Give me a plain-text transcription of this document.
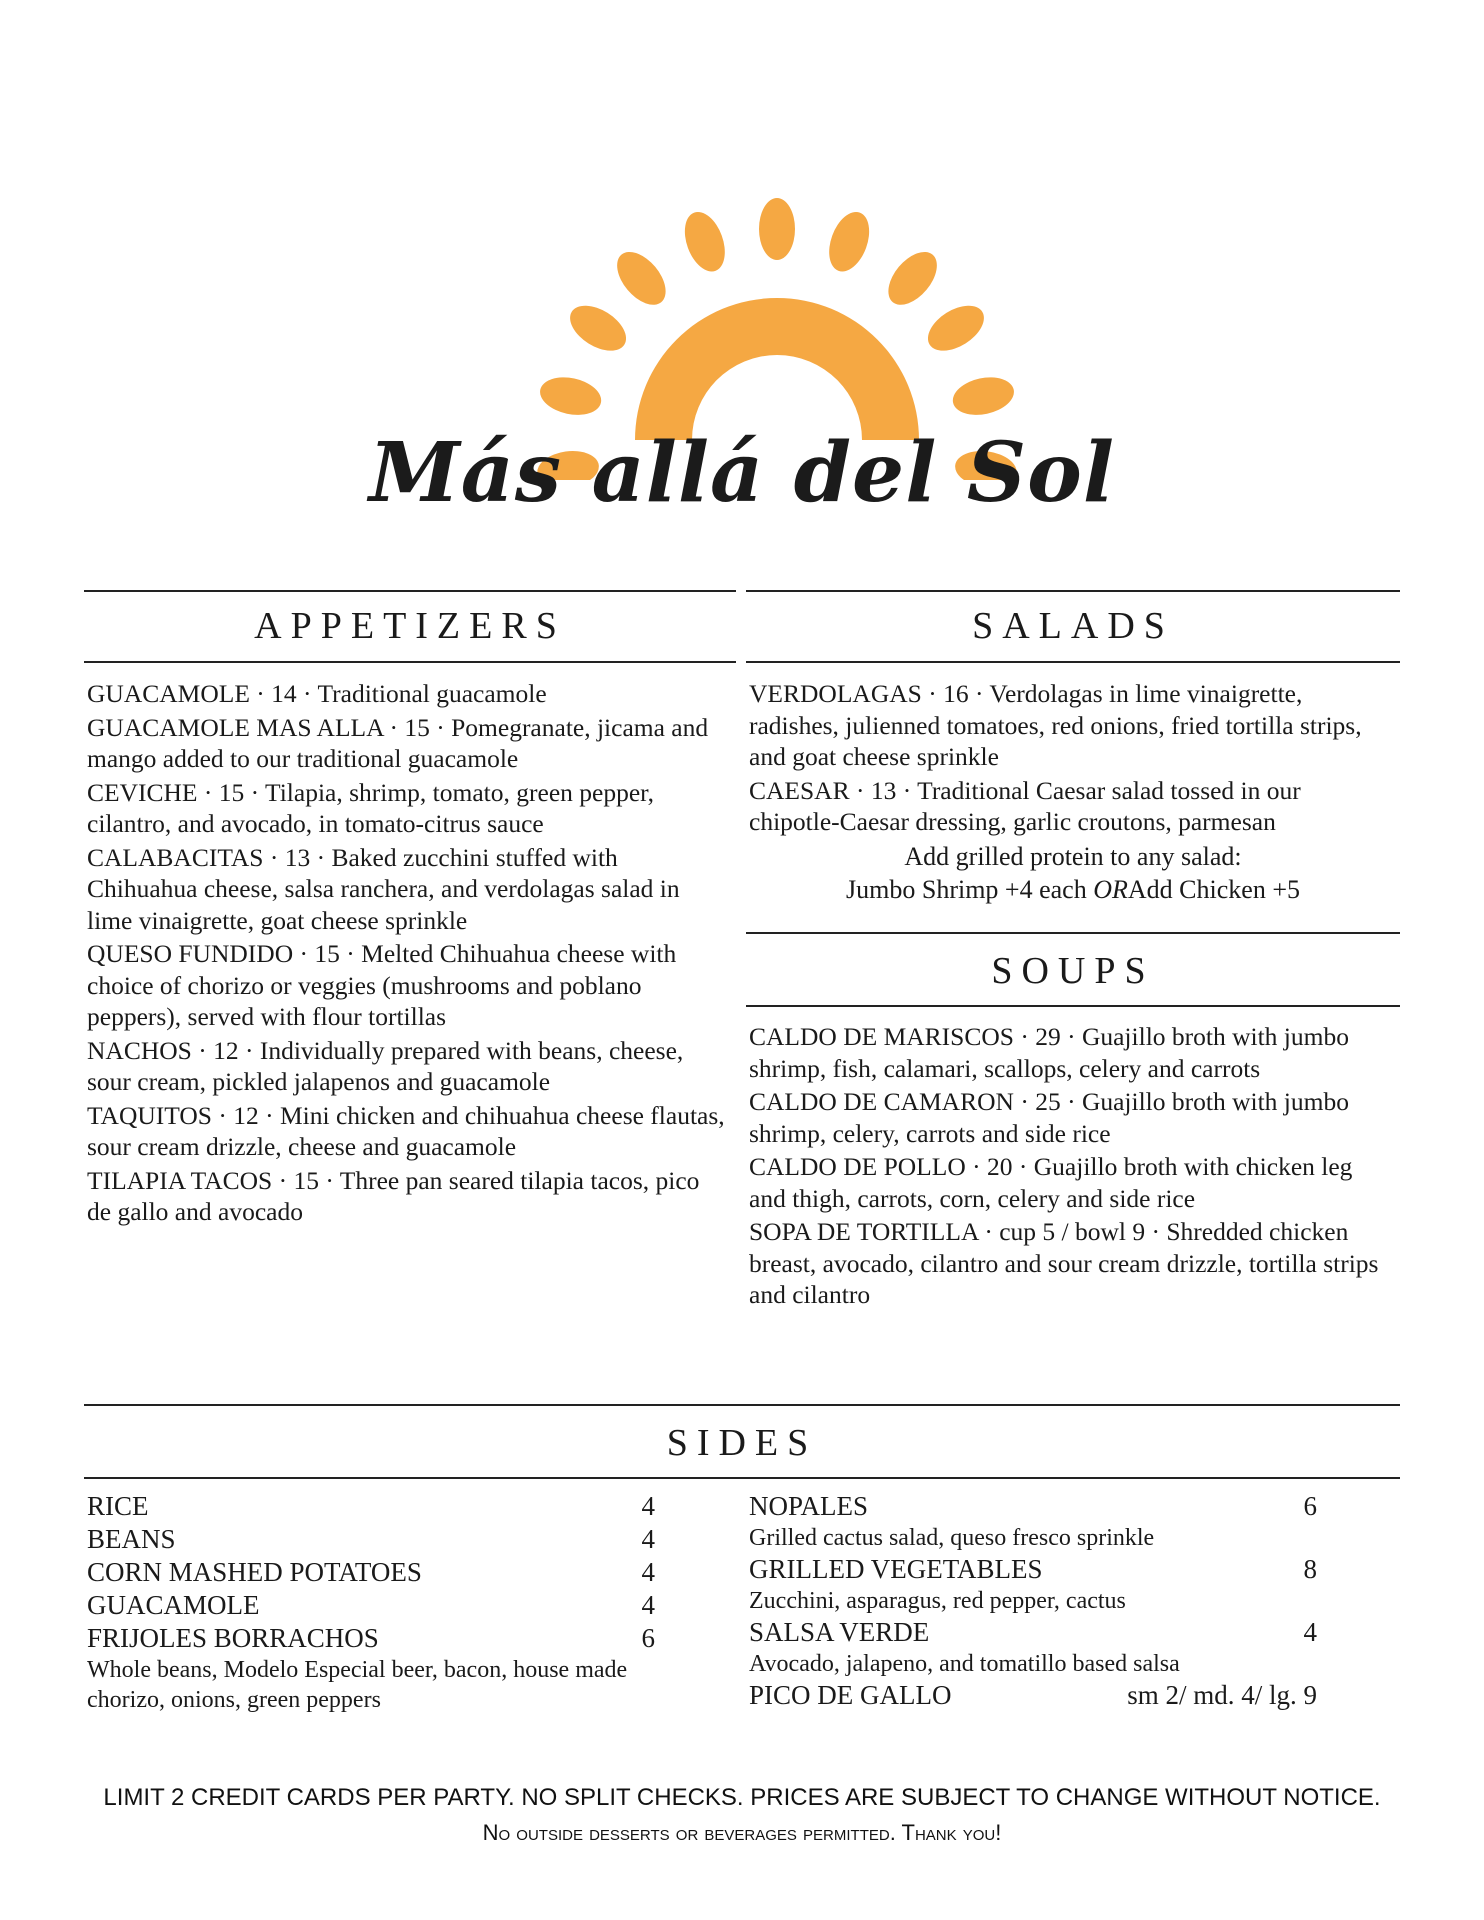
Más allá del Sol
APPETIZERS	SALADS
SOUPS
SIDES
GUACAMOLE · 14 · Traditional guacamole
GUACAMOLE MAS ALLA · 15 · Pomegranate, jicama and mango added to our traditional guacamole
CEVICHE · 15 · Tilapia, shrimp, tomato, green pepper, cilantro, and avocado, in tomato-citrus sauce
CALABACITAS · 13 · Baked zucchini stuffed with Chihuahua cheese, salsa ranchera, and verdolagas salad in lime vinaigrette, goat cheese sprinkle
QUESO FUNDIDO · 15 · Melted Chihuahua cheese with choice of chorizo or veggies (mushrooms and poblano peppers), served with flour tortillas
NACHOS · 12 · Individually prepared with beans, cheese, sour cream, pickled jalapenos and guacamole
TAQUITOS · 12 · Mini chicken and chihuahua cheese flautas, sour cream drizzle, cheese and guacamole
TILAPIA TACOS · 15 · Three pan seared tilapia tacos, pico de gallo and avocado
VERDOLAGAS · 16 · Verdolagas in lime vinaigrette, radishes, julienned tomatoes, red onions, fried tortilla strips, and goat cheese sprinkle
CAESAR · 13 · Traditional Caesar salad tossed in our chipotle-Caesar dressing, garlic croutons, parmesan
Add grilled protein to any salad:
Jumbo Shrimp +4 each ORAdd Chicken +5
CALDO DE MARISCOS · 29 · Guajillo broth with jumbo shrimp, fish, calamari, scallops, celery and carrots
CALDO DE CAMARON · 25 · Guajillo broth with jumbo shrimp, celery, carrots and side rice
CALDO DE POLLO · 20 · Guajillo broth with chicken leg and thigh, carrots, corn, celery and side rice
SOPA DE TORTILLA · cup 5 / bowl 9 · Shredded chicken breast, avocado, cilantro and sour cream drizzle, tortilla strips and cilantro
RICE	4
BEANS	4
CORN MASHED POTATOES	4
GUACAMOLE	4
FRIJOLES BORRACHOS	6
Whole beans, Modelo Especial beer, bacon, house made chorizo, onions, green peppers
NOPALES	6
Grilled cactus salad, queso fresco sprinkle
GRILLED VEGETABLES	8
Zucchini, asparagus, red pepper, cactus
SALSA VERDE	4
Avocado, jalapeno, and tomatillo based salsa
PICO DE GALLO	sm 2/ md. 4/ lg. 9
LIMIT 2 CREDIT CARDS PER PARTY. NO SPLIT CHECKS. PRICES ARE SUBJECT TO CHANGE WITHOUT NOTICE.
No outside desserts or beverages permitted. Thank you!
